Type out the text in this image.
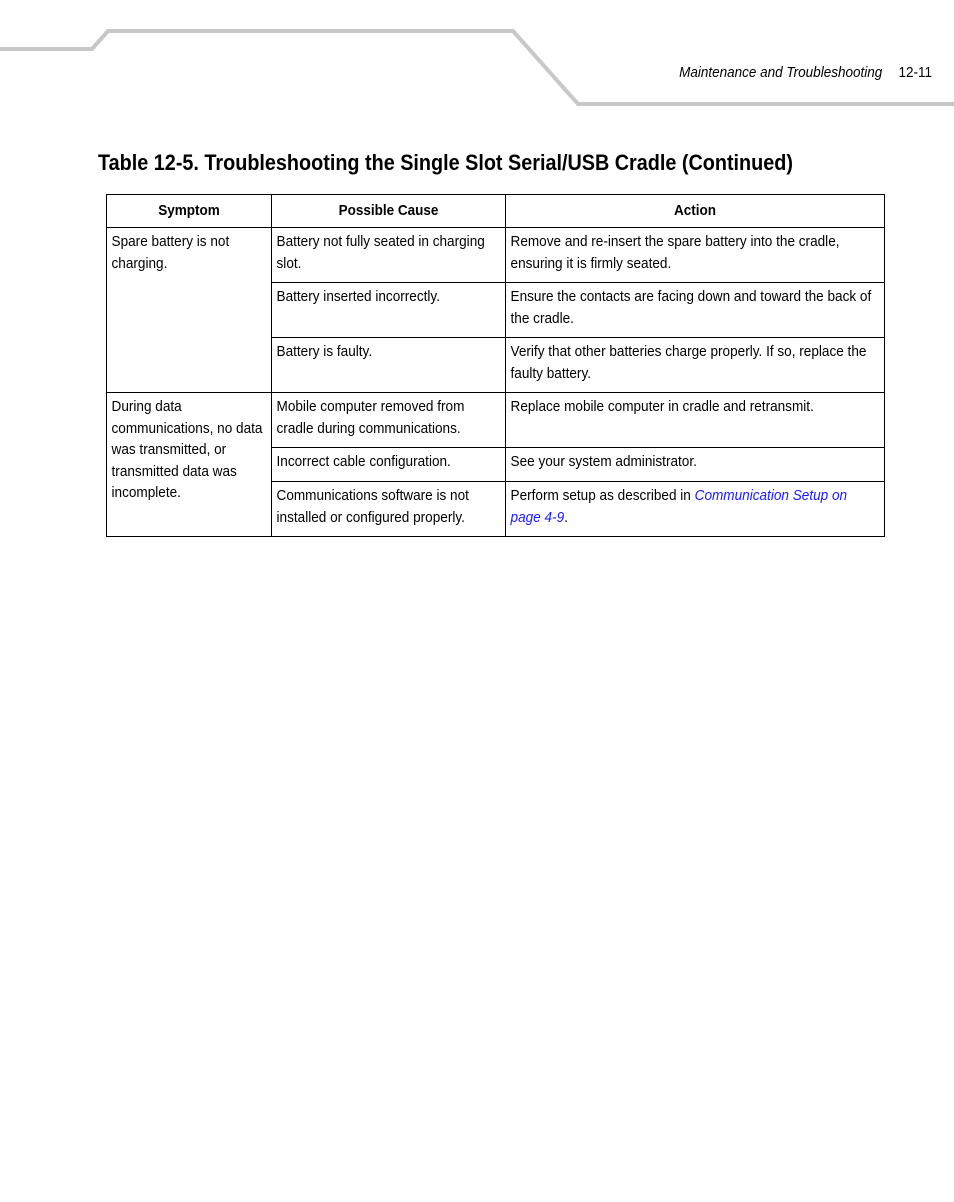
Maintenance and Troubleshooting 12-11
Table 12-5. Troubleshooting the Single Slot Serial/USB Cradle (Continued)
Symptom	Possible Cause	Action

Spare battery is not charging.	Battery not fully seated in charging slot.	Remove and re-insert the spare battery into the cradle, ensuring it is firmly seated.

	Battery inserted incorrectly.	Ensure the contacts are facing down and toward the back of the cradle.

	Battery is faulty.	Verify that other batteries charge properly. If so, replace the faulty battery.

During data communications, no data was transmitted, or transmitted data was incomplete.	Mobile computer removed from cradle during communications.	Replace mobile computer in cradle and retransmit.

	Incorrect cable configuration.	See your system administrator.

	Communications software is not installed or configured properly.	Perform setup as described in Communication Setup on page 4-9.
